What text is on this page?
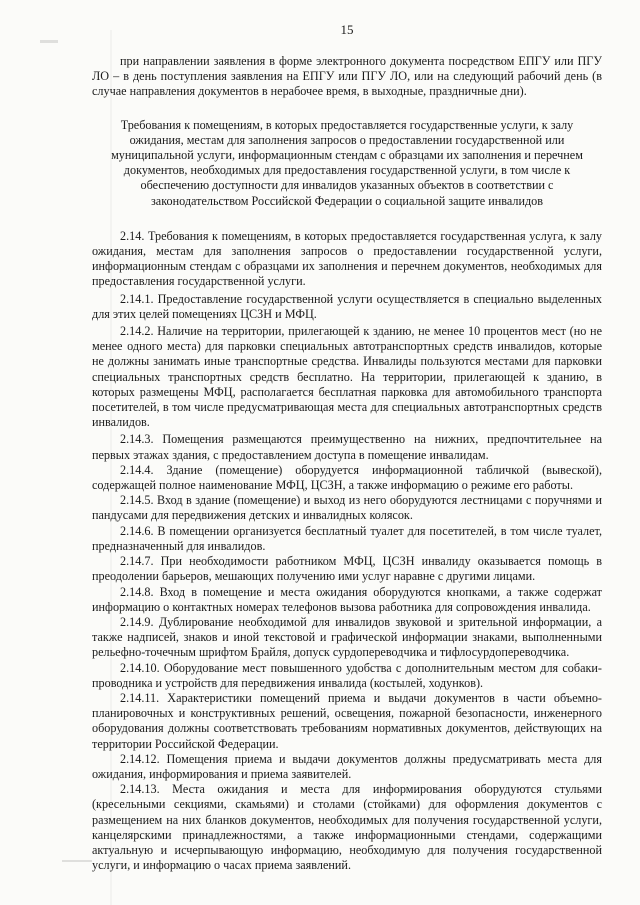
15

при направлении заявления в форме электронного документа посредством ЕПГУ или ПГУ ЛО – в день поступления заявления на ЕПГУ или ПГУ ЛО, или на следующий рабочий день (в случае направления документов в нерабочее время, в выходные, праздничные дни).

Требования к помещениям, в которых предоставляется государственные услуги, к залу ожидания, местам для заполнения запросов о предоставлении государственной или муниципальной услуги, информационным стендам с образцами их заполнения и перечнем документов, необходимых для предоставления государственной услуги, в том числе к обеспечению доступности для инвалидов указанных объектов в соответствии с законодательством Российской Федерации о социальной защите инвалидов

2.14. Требования к помещениям, в которых предоставляется государственная услуга, к залу ожидания, местам для заполнения запросов о предоставлении государственной услуги, информационным стендам с образцами их заполнения и перечнем документов, необходимых для предоставления государственной услуги.

2.14.1. Предоставление государственной услуги осуществляется в специально выделенных для этих целей помещениях ЦСЗН и МФЦ.

2.14.2. Наличие на территории, прилегающей к зданию, не менее 10 процентов мест (но не менее одного места) для парковки специальных автотранспортных средств инвалидов, которые не должны занимать иные транспортные средства. Инвалиды пользуются местами для парковки специальных транспортных средств бесплатно. На территории, прилегающей к зданию, в которых размещены МФЦ, располагается бесплатная парковка для автомобильного транспорта посетителей, в том числе предусматривающая места для специальных автотранспортных средств инвалидов.

2.14.3. Помещения размещаются преимущественно на нижних, предпочтительнее на первых этажах здания, с предоставлением доступа в помещение инвалидам.

2.14.4. Здание (помещение) оборудуется информационной табличкой (вывеской), содержащей полное наименование МФЦ, ЦСЗН, а также информацию о режиме его работы.

2.14.5. Вход в здание (помещение) и выход из него оборудуются лестницами с поручнями и пандусами для передвижения детских и инвалидных колясок.

2.14.6. В помещении организуется бесплатный туалет для посетителей, в том числе туалет, предназначенный для инвалидов.

2.14.7. При необходимости работником МФЦ, ЦСЗН инвалиду оказывается помощь в преодолении барьеров, мешающих получению ими услуг наравне с другими лицами.

2.14.8. Вход в помещение и места ожидания оборудуются кнопками, а также содержат информацию о контактных номерах телефонов вызова работника для сопровождения инвалида.

2.14.9. Дублирование необходимой для инвалидов звуковой и зрительной информации, а также надписей, знаков и иной текстовой и графической информации знаками, выполненными рельефно-точечным шрифтом Брайля, допуск сурдопереводчика и тифлосурдопереводчика.

2.14.10. Оборудование мест повышенного удобства с дополнительным местом для собаки-проводника и устройств для передвижения инвалида (костылей, ходунков).

2.14.11. Характеристики помещений приема и выдачи документов в части объемно-планировочных и конструктивных решений, освещения, пожарной безопасности, инженерного оборудования должны соответствовать требованиям нормативных документов, действующих на территории Российской Федерации.

2.14.12. Помещения приема и выдачи документов должны предусматривать места для ожидания, информирования и приема заявителей.

2.14.13. Места ожидания и места для информирования оборудуются стульями (кресельными секциями, скамьями) и столами (стойками) для оформления документов с размещением на них бланков документов, необходимых для получения государственной услуги, канцелярскими принадлежностями, а также информационными стендами, содержащими актуальную и исчерпывающую информацию, необходимую для получения государственной услуги, и информацию о часах приема заявлений.
